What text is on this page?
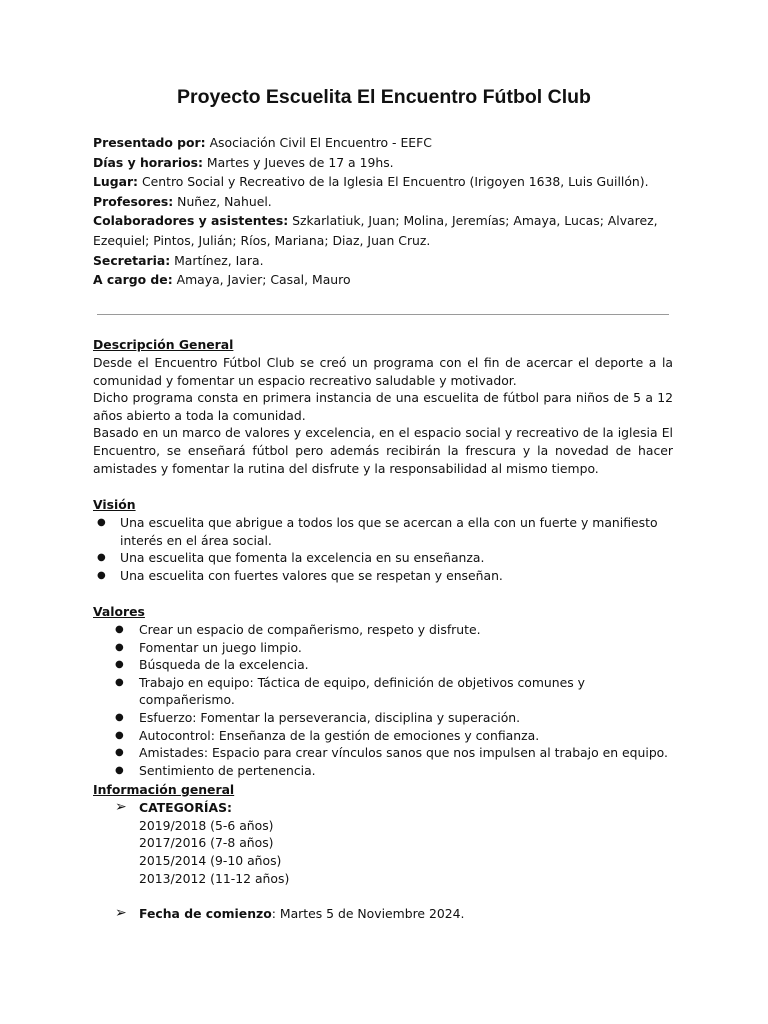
Proyecto Escuelita El Encuentro Fútbol Club

Presentado por: Asociación Civil El Encuentro - EEFC

Días y horarios: Martes y Jueves de 17 a 19hs.

Lugar: Centro Social y Recreativo de la Iglesia El Encuentro (Irigoyen 1638, Luis Guillón).

Profesores: Nuñez, Nahuel.

Colaboradores y asistentes: Szkarlatiuk, Juan; Molina, Jeremías; Amaya, Lucas; Alvarez, Ezequiel; Pintos, Julián; Ríos, Mariana; Diaz, Juan Cruz.

Secretaria: Martínez, Iara.

A cargo de: Amaya, Javier; Casal, Mauro

Descripción General

Desde el Encuentro Fútbol Club se creó un programa con el fin de acercar el deporte a la comunidad y fomentar un espacio recreativo saludable y motivador.

Dicho programa consta en primera instancia de una escuelita de fútbol para niños de 5 a 12 años abierto a toda la comunidad.

Basado en un marco de valores y excelencia, en el espacio social y recreativo de la iglesia El Encuentro, se enseñará fútbol pero además recibirán la frescura y la novedad de hacer amistades y fomentar la rutina del disfrute y la responsabilidad al mismo tiempo.

Visión

● Una escuelita que abrigue a todos los que se acercan a ella con un fuerte y manifiesto interés en el área social.
● Una escuelita que fomenta la excelencia en su enseñanza.
● Una escuelita con fuertes valores que se respetan y enseñan.

Valores

● Crear un espacio de compañerismo, respeto y disfrute.
● Fomentar un juego limpio.
● Búsqueda de la excelencia.
● Trabajo en equipo: Táctica de equipo, definición de objetivos comunes y compañerismo.
● Esfuerzo: Fomentar la perseverancia, disciplina y superación.
● Autocontrol: Enseñanza de la gestión de emociones y confianza.
● Amistades: Espacio para crear vínculos sanos que nos impulsen al trabajo en equipo.
● Sentimiento de pertenencia.

Información general

➢ CATEGORÍAS:

2019/2018 (5-6 años)
2017/2016 (7-8 años)
2015/2014 (9-10 años)
2013/2012 (11-12 años)

➢ Fecha de comienzo: Martes 5 de Noviembre 2024.
